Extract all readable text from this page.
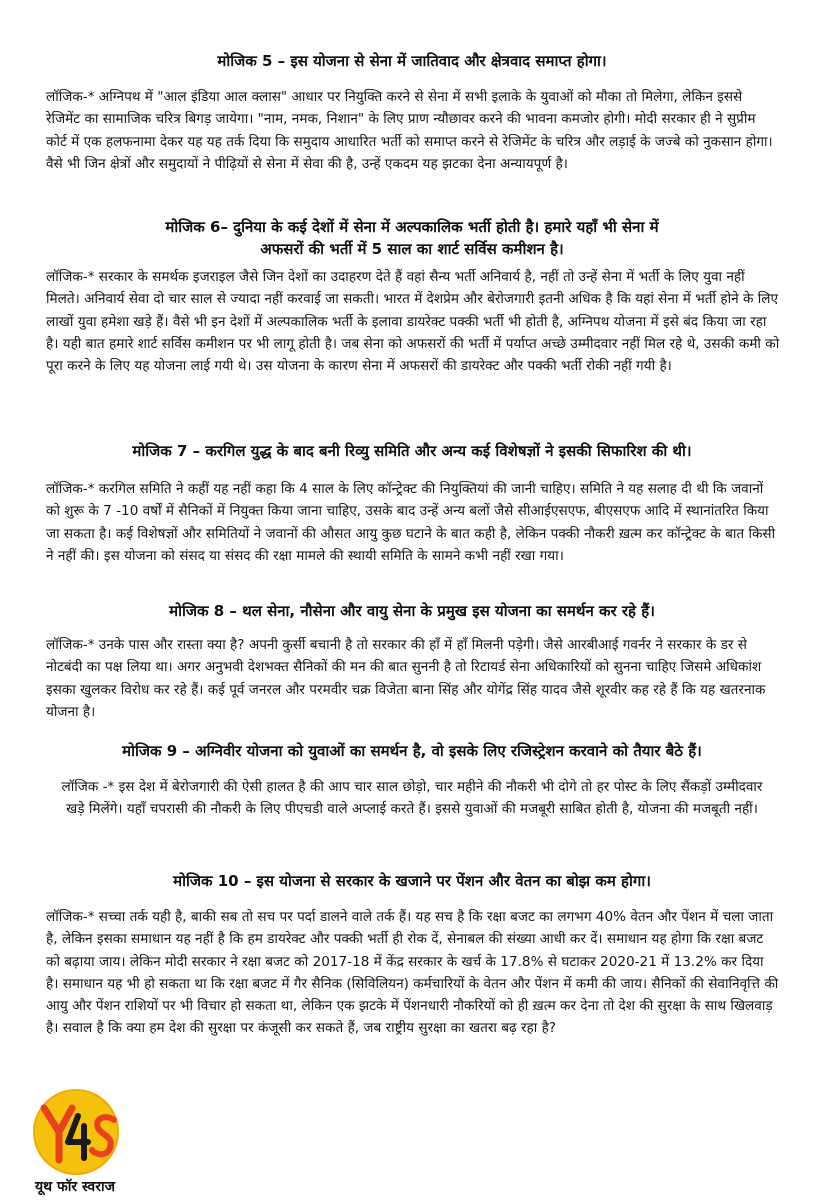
मोजिक 5 – इस योजना से सेना में जातिवाद और क्षेत्रवाद समाप्त होगा।

लॉजिक-* अग्निपथ में "आल इंडिया आल क्लास" आधार पर नियुक्ति करने से सेना में सभी इलाके के युवाओं को मौका तो मिलेगा, लेकिन इससे रेजिमेंट का सामाजिक चरित्र बिगड़ जायेगा। "नाम, नमक, निशान" के लिए प्राण न्यौछावर करने की भावना कमजोर होगी। मोदी सरकार ही ने सुप्रीम कोर्ट में एक हलफनामा देकर यह यह तर्क दिया कि समुदाय आधारित भर्ती को समाप्त करने से रेजिमेंट के चरित्र और लड़ाई के जज्बे को नुकसान होगा। वैसे भी जिन क्षेत्रों और समुदायों ने पीढ़ियों से सेना में सेवा की है, उन्हें एकदम यह झटका देना अन्यायपूर्ण है।

मोजिक 6– दुनिया के कई देशों में सेना में अल्पकालिक भर्ती होती है। हमारे यहाँ भी सेना में अफसरों की भर्ती में 5 साल का शार्ट सर्विस कमीशन है।

लॉजिक-* सरकार के समर्थक इजराइल जैसे जिन देशों का उदाहरण देते हैं वहां सैन्य भर्ती अनिवार्य है, नहीं तो उन्हें सेना में भर्ती के लिए युवा नहीं मिलते। अनिवार्य सेवा दो चार साल से ज्यादा नहीं करवाई जा सकती। भारत में देशप्रेम और बेरोजगारी इतनी अधिक है कि यहां सेना में भर्ती होने के लिए लाखों युवा हमेशा खड़े हैं। वैसे भी इन देशों में अल्पकालिक भर्ती के इलावा डायरेक्ट पक्की भर्ती भी होती है, अग्निपथ योजना में इसे बंद किया जा रहा है। यही बात हमारे शार्ट सर्विस कमीशन पर भी लागू होती है। जब सेना को अफसरों की भर्ती में पर्याप्त अच्छे उम्मीदवार नहीं मिल रहे थे, उसकी कमी को पूरा करने के लिए यह योजना लाई गयी थे। उस योजना के कारण सेना में अफसरों की डायरेक्ट और पक्की भर्ती रोकी नहीं गयी है।

मोजिक 7 – करगिल युद्ध के बाद बनी रिव्यु समिति और अन्य कई विशेषज्ञों ने इसकी सिफारिश की थी।

लॉजिक-* करगिल समिति ने कहीं यह नहीं कहा कि 4 साल के लिए कॉन्ट्रेक्ट की नियुक्तियां की जानी चाहिए। समिति ने यह सलाह दी थी कि जवानों को शुरू के 7 -10 वर्षों में सैनिकों में नियुक्त किया जाना चाहिए, उसके बाद उन्हें अन्य बलों जैसे सीआईएसएफ, बीएसएफ आदि में स्थानांतरित किया जा सकता है। कई विशेषज्ञों और समितियों ने जवानों की औसत आयु कुछ घटाने के बात कही है, लेकिन पक्की नौकरी ख़त्म कर कॉन्ट्रेक्ट के बात किसी ने नहीं की। इस योजना को संसद या संसद की रक्षा मामले की स्थायी समिति के सामने कभी नहीं रखा गया।

मोजिक 8 – थल सेना, नौसेना और वायु सेना के प्रमुख इस योजना का समर्थन कर रहे हैं।

लॉजिक-* उनके पास और रास्ता क्या है? अपनी कुर्सी बचानी है तो सरकार की हाँ में हाँ मिलनी पड़ेगी। जैसे आरबीआई गवर्नर ने सरकार के डर से नोटबंदी का पक्ष लिया था। अगर अनुभवी देशभक्त सैनिकों की मन की बात सुननी है तो रिटायर्ड सेना अधिकारियों को सुनना चाहिए जिसमे अधिकांश इसका खुलकर विरोध कर रहे हैं। कई पूर्व जनरल और परमवीर चक्र विजेता बाना सिंह और योगेंद्र सिंह यादव जैसे शूरवीर कह रहे हैं कि यह खतरनाक योजना है।

मोजिक 9 – अग्निवीर योजना को युवाओं का समर्थन है, वो इसके लिए रजिस्ट्रेशन करवाने को तैयार बैठे हैं।

लॉजिक -* इस देश में बेरोजगारी की ऐसी हालत है की आप चार साल छोड़ो, चार महीने की नौकरी भी दोगे तो हर पोस्ट के लिए सैंकड़ों उम्मीदवार खड़े मिलेंगे। यहाँ चपरासी की नौकरी के लिए पीएचडी वाले अप्लाई करते हैं। इससे युवाओं की मजबूरी साबित होती है, योजना की मजबूती नहीं।

मोजिक 10 – इस योजना से सरकार के खजाने पर पेंशन और वेतन का बोझ कम होगा।

लॉजिक-* सच्चा तर्क यही है, बाकी सब तो सच पर पर्दा डालने वाले तर्क हैं। यह सच है कि रक्षा बजट का लगभग 40% वेतन और पेंशन में चला जाता है, लेकिन इसका समाधान यह नहीं है कि हम डायरेक्ट और पक्की भर्ती ही रोक दें, सेनाबल की संख्या आधी कर दें। समाधान यह होगा कि रक्षा बजट को बढ़ाया जाय। लेकिन मोदी सरकार ने रक्षा बजट को 2017-18 में केंद्र सरकार के खर्च के 17.8% से घटाकर 2020-21 में 13.2% कर दिया है। समाधान यह भी हो सकता था कि रक्षा बजट में गैर सैनिक (सिविलियन) कर्मचारियों के वेतन और पेंशन में कमी की जाय। सैनिकों की सेवानिवृत्ति की आयु और पेंशन राशियों पर भी विचार हो सकता था, लेकिन एक झटके में पेंशनधारी नौकरियों को ही ख़त्म कर देना तो देश की सुरक्षा के साथ खिलवाड़ है। सवाल है कि क्या हम देश की सुरक्षा पर कंजूसी कर सकते हैं, जब राष्ट्रीय सुरक्षा का खतरा बढ़ रहा है?

यूथ फॉर स्वराज
